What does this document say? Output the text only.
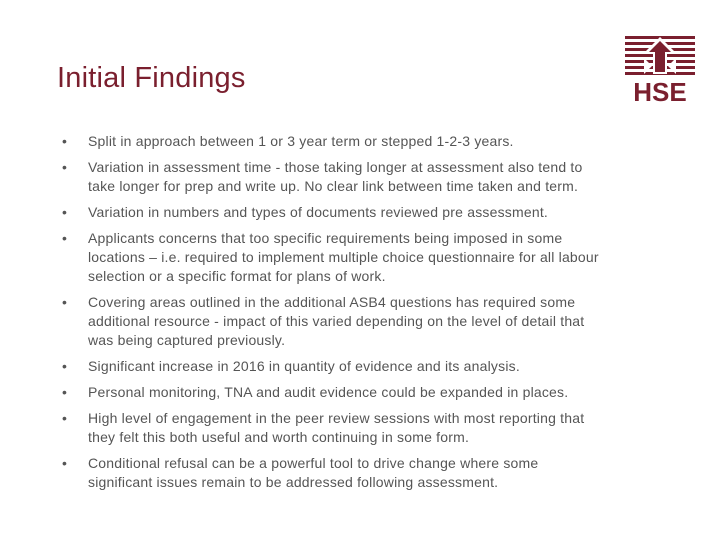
Initial Findings	HSE
• Split in approach between 1 or 3 year term or stepped 1-2-3 years.
• Variation in assessment time - those taking longer at assessment also tend to take longer for prep and write up. No clear link between time taken and term.
• Variation in numbers and types of documents reviewed pre assessment.
• Applicants concerns that too specific requirements being imposed in some locations – i.e. required to implement multiple choice questionnaire for all labour selection or a specific format for plans of work.
• Covering areas outlined in the additional ASB4 questions has required some additional resource - impact of this varied depending on the level of detail that was being captured previously.
• Significant increase in 2016 in quantity of evidence and its analysis.
• Personal monitoring, TNA and audit evidence could be expanded in places.
• High level of engagement in the peer review sessions with most reporting that they felt this both useful and worth continuing in some form.
• Conditional refusal can be a powerful tool to drive change where some significant issues remain to be addressed following assessment.
